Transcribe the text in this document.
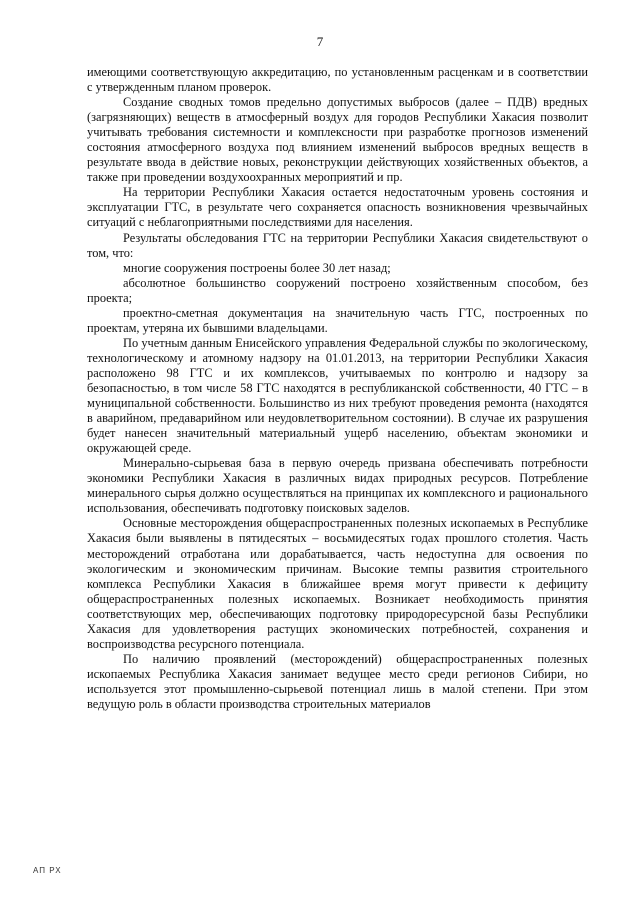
7

имеющими соответствующую аккредитацию, по установленным расценкам и в соответствии с утвержденным планом проверок.

Создание сводных томов предельно допустимых выбросов (далее – ПДВ) вредных (загрязняющих) веществ в атмосферный воздух для городов Республики Хакасия позволит учитывать требования системности и комплексности при разработке прогнозов изменений состояния атмосферного воздуха под влиянием изменений выбросов вредных веществ в результате ввода в действие новых, реконструкции действующих хозяйственных объектов, а также при проведении воздухоохранных мероприятий и пр.

На территории Республики Хакасия остается недостаточным уровень состояния и эксплуатации ГТС, в результате чего сохраняется опасность возникновения чрезвычайных ситуаций с неблагоприятными последствиями для населения.

Результаты обследования ГТС на территории Республики Хакасия свидетельствуют о том, что:

многие сооружения построены более 30 лет назад;

абсолютное большинство сооружений построено хозяйственным способом, без проекта;

проектно-сметная документация на значительную часть ГТС, построенных по проектам, утеряна их бывшими владельцами.

По учетным данным Енисейского управления Федеральной службы по экологическому, технологическому и атомному надзору на 01.01.2013, на территории Республики Хакасия расположено 98 ГТС и их комплексов, учитываемых по контролю и надзору за безопасностью, в том числе 58 ГТС находятся в республиканской собственности, 40 ГТС – в муниципальной собственности. Большинство из них требуют проведения ремонта (находятся в аварийном, предаварийном или неудовлетворительном состоянии). В случае их разрушения будет нанесен значительный материальный ущерб населению, объектам экономики и окружающей среде.

Минерально-сырьевая база в первую очередь призвана обеспечивать потребности экономики Республики Хакасия в различных видах природных ресурсов. Потребление минерального сырья должно осуществляться на принципах их комплексного и рационального использования, обеспечивать подготовку поисковых заделов.

Основные месторождения общераспространенных полезных ископаемых в Республике Хакасия были выявлены в пятидесятых – восьмидесятых годах прошлого столетия. Часть месторождений отработана или дорабатывается, часть недоступна для освоения по экологическим и экономическим причинам. Высокие темпы развития строительного комплекса Республики Хакасия в ближайшее время могут привести к дефициту общераспространенных полезных ископаемых. Возникает необходимость принятия соответствующих мер, обеспечивающих подготовку природоресурсной базы Республики Хакасия для удовлетворения растущих экономических потребностей, сохранения и воспроизводства ресурсного потенциала.

По наличию проявлений (месторождений) общераспространенных полезных ископаемых Республика Хакасия занимает ведущее место среди регионов Сибири, но используется этот промышленно-сырьевой потенциал лишь в малой степени. При этом ведущую роль в области производства строительных материалов

АП РХ
